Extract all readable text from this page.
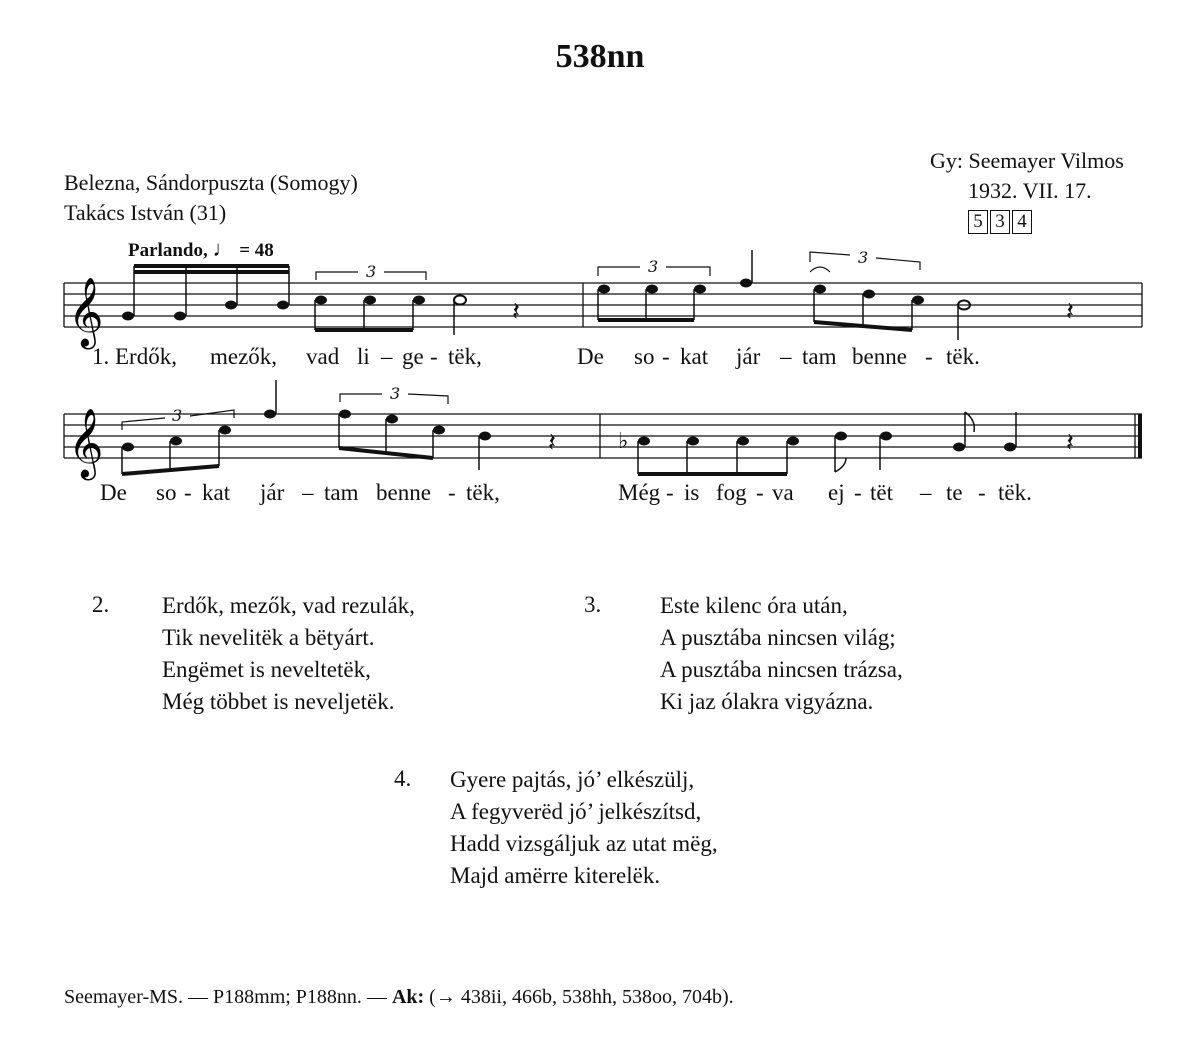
538nn
Belezna, Sándorpuszta (Somogy)
Takács István (31)
Gy: Seemayer Vilmos
1932. VII. 17.
5 3 4
Parlando, ♩ = 48
𝄞
3	3	3
𝄽	𝄽
𝄞	3
3
♭
𝄽	𝄽
1. Erdők, mezők, vad li – ge - tëk,	De so - kat jár – tam benne - tëk.
De so - kat jár – tam benne - tëk,	Még - is fog - va ej - tët – te - tëk.
2. Erdők, mezők, vad rezulák,
Tik nevelitëk a bëtyárt.
Engëmet is neveltetëk,
Még többet is neveljetëk.
3.	Este kilenc óra után,
A pusztába nincsen világ;
A pusztába nincsen trázsa,
Ki jaz ólakra vigyázna.
4. Gyere pajtás, jó’ elkészülj,
A fegyverëd jó’ jelkészítsd,
Hadd vizsgáljuk az utat mëg,
Majd amërre kiterelëk.
Seemayer-MS. — P188mm; P188nn. — Ak: (→ 438ii, 466b, 538hh, 538oo, 704b).
